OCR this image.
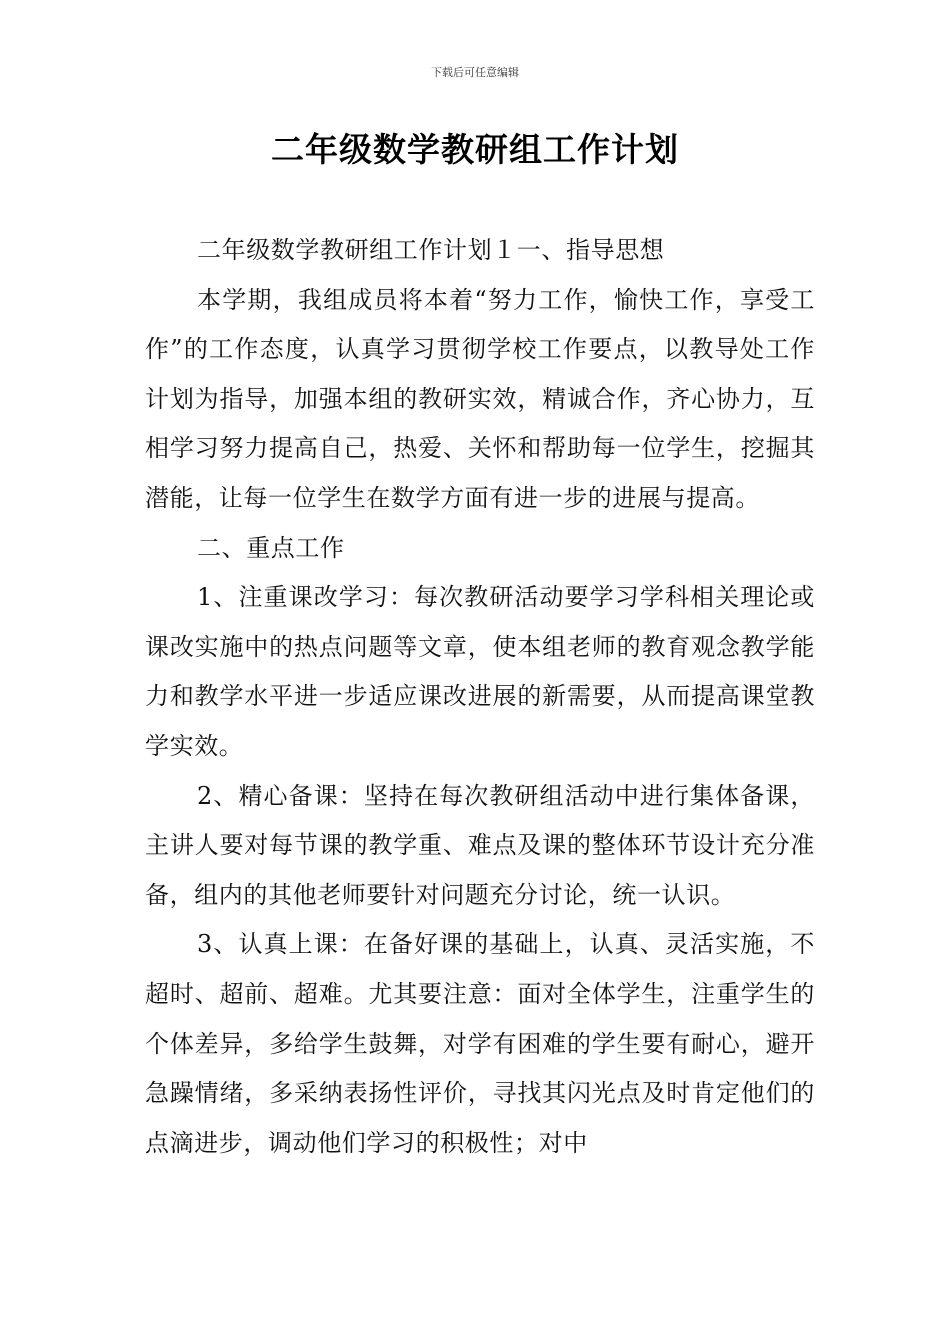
下载后可任意编辑
二年级数学教研组工作计划

二年级数学教研组工作计划１一、指导思想

本学期，我组成员将本着“努力工作，愉快工作，享受工作”的工作态度，认真学习贯彻学校工作要点，以教导处工作计划为指导，加强本组的教研实效，精诚合作，齐心协力，互相学习努力提高自己，热爱、关怀和帮助每一位学生，挖掘其潜能，让每一位学生在数学方面有进一步的进展与提高。

二、重点工作

1、注重课改学习：每次教研活动要学习学科相关理论或课改实施中的热点问题等文章，使本组老师的教育观念教学能力和教学水平进一步适应课改进展的新需要，从而提高课堂教学实效。

2、精心备课：坚持在每次教研组活动中进行集体备课，主讲人要对每节课的教学重、难点及课的整体环节设计充分准备，组内的其他老师要针对问题充分讨论，统一认识。

3、认真上课：在备好课的基础上，认真、灵活实施，不超时、超前、超难。尤其要注意：面对全体学生，注重学生的个体差异，多给学生鼓舞，对学有困难的学生要有耐心，避开急躁情绪，多采纳表扬性评价，寻找其闪光点及时肯定他们的点滴进步，调动他们学习的积极性；对中
